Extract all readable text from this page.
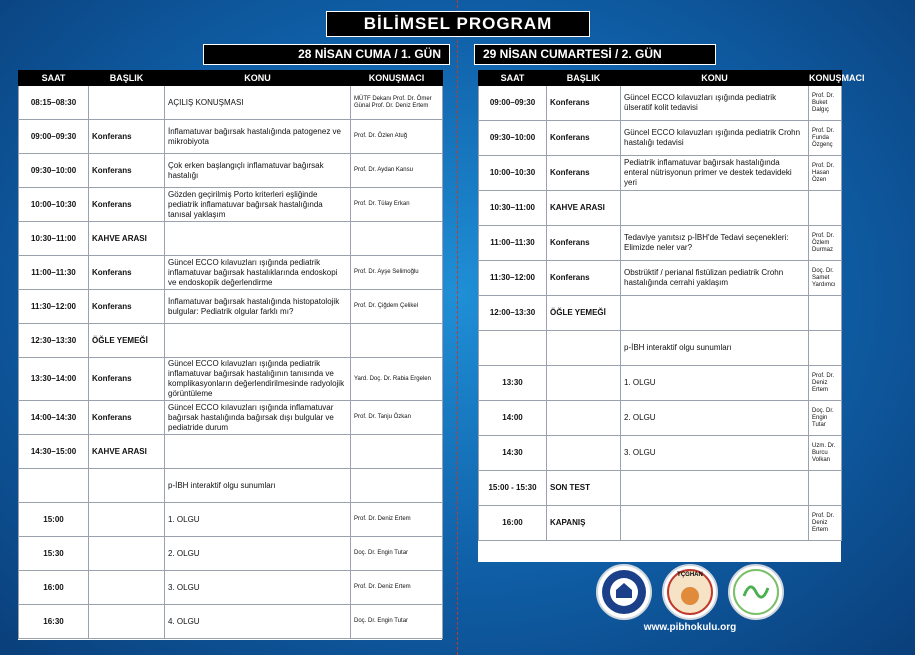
BİLİMSEL PROGRAM
28 NİSAN CUMA / 1. GÜN	29 NİSAN CUMARTESİ / 2. GÜN
SAAT	BAŞLIK	KONU	KONUŞMACI
08:15–08:30		AÇILIŞ KONUŞMASI	MÜTF Dekanı Prof. Dr. Ömer Günal Prof. Dr. Deniz Ertem
09:00–09:30	Konferans	İnflamatuvar bağırsak hastalığında patogenez ve mikrobiyota	Prof. Dr. Özlen Atuğ
09:30–10:00	Konferans	Çok erken başlangıçlı inflamatuvar bağırsak hastalığı	Prof. Dr. Aydan Kansu
10:00–10:30	Konferans	Gözden geçirilmiş Porto kriterleri eşliğinde pediatrik inflamatuvar bağırsak hastalığında tanısal yaklaşım	Prof. Dr. Tülay Erkan
10:30–11:00	KAHVE ARASI		
11:00–11:30	Konferans	Güncel ECCO kılavuzları ışığında pediatrik inflamatuvar bağırsak hastalıklarında endoskopi ve endoskopik değerlendirme	Prof. Dr. Ayşe Selimoğlu
11:30–12:00	Konferans	İnflamatuvar bağırsak hastalığında histopatolojik bulgular: Pediatrik olgular farklı mı?	Prof. Dr. Çiğdem Çelikel
12:30–13:30	ÖĞLE YEMEĞİ		
13:30–14:00	Konferans	Güncel ECCO kılavuzları ışığında pediatrik inflamatuvar bağırsak hastalığının tanısında ve komplikasyonların değerlendirilmesinde radyolojik görüntüleme	Yard. Doç. Dr. Rabia Ergelen
14:00–14:30	Konferans	Güncel ECCO kılavuzları ışığında inflamatuvar bağırsak hastalığında bağırsak dışı bulgular ve pediatride durum	Prof. Dr. Tanju Özkan
14:30–15:00	KAHVE ARASI		
		p-İBH interaktif olgu sunumları	
15:00		1. OLGU	Prof. Dr. Deniz Ertem
15:30		2. OLGU	Doç. Dr. Engin Tutar
16:00		3. OLGU	Prof. Dr. Deniz Ertem
16:30		4. OLGU	Doç. Dr. Engin Tutar
SAAT	BAŞLIK	KONU	KONUŞMACI
09:00–09:30	Konferans	Güncel ECCO kılavuzları ışığında pediatrik ülseratif kolit tedavisi	Prof. Dr. Buket Dalgıç
09:30–10:00	Konferans	Güncel ECCO kılavuzları ışığında pediatrik Crohn hastalığı tedavisi	Prof. Dr. Funda Özgenç
10:00–10:30	Konferans	Pediatrik inflamatuvar bağırsak hastalığında enteral nütrisyonun primer ve destek tedavideki yeri	Prof. Dr. Hasan Özen
10:30–11:00	KAHVE ARASI		
11:00–11:30	Konferans	Tedaviye yanıtsız p-İBH'de Tedavi seçenekleri: Elimizde neler var?	Prof. Dr. Özlem Durmaz
11:30–12:00	Konferans	Obstrüktif / perianal fistülizan pediatrik Crohn hastalığında cerrahi yaklaşım	Doç. Dr. Samet Yardımcı
12:00–13:30	ÖĞLE YEMEĞİ		
		p-İBH interaktif olgu sunumları	
13:30		1. OLGU	Prof. Dr. Deniz Ertem
14:00		2. OLGU	Doç. Dr. Engin Tutar
14:30		3. OLGU	Uzm. Dr. Burcu Volkan
15:00 - 15:30	SON TEST		
16:00	KAPANIŞ		Prof. Dr. Deniz Ertem
TÇGHAN
www.pibhokulu.org
